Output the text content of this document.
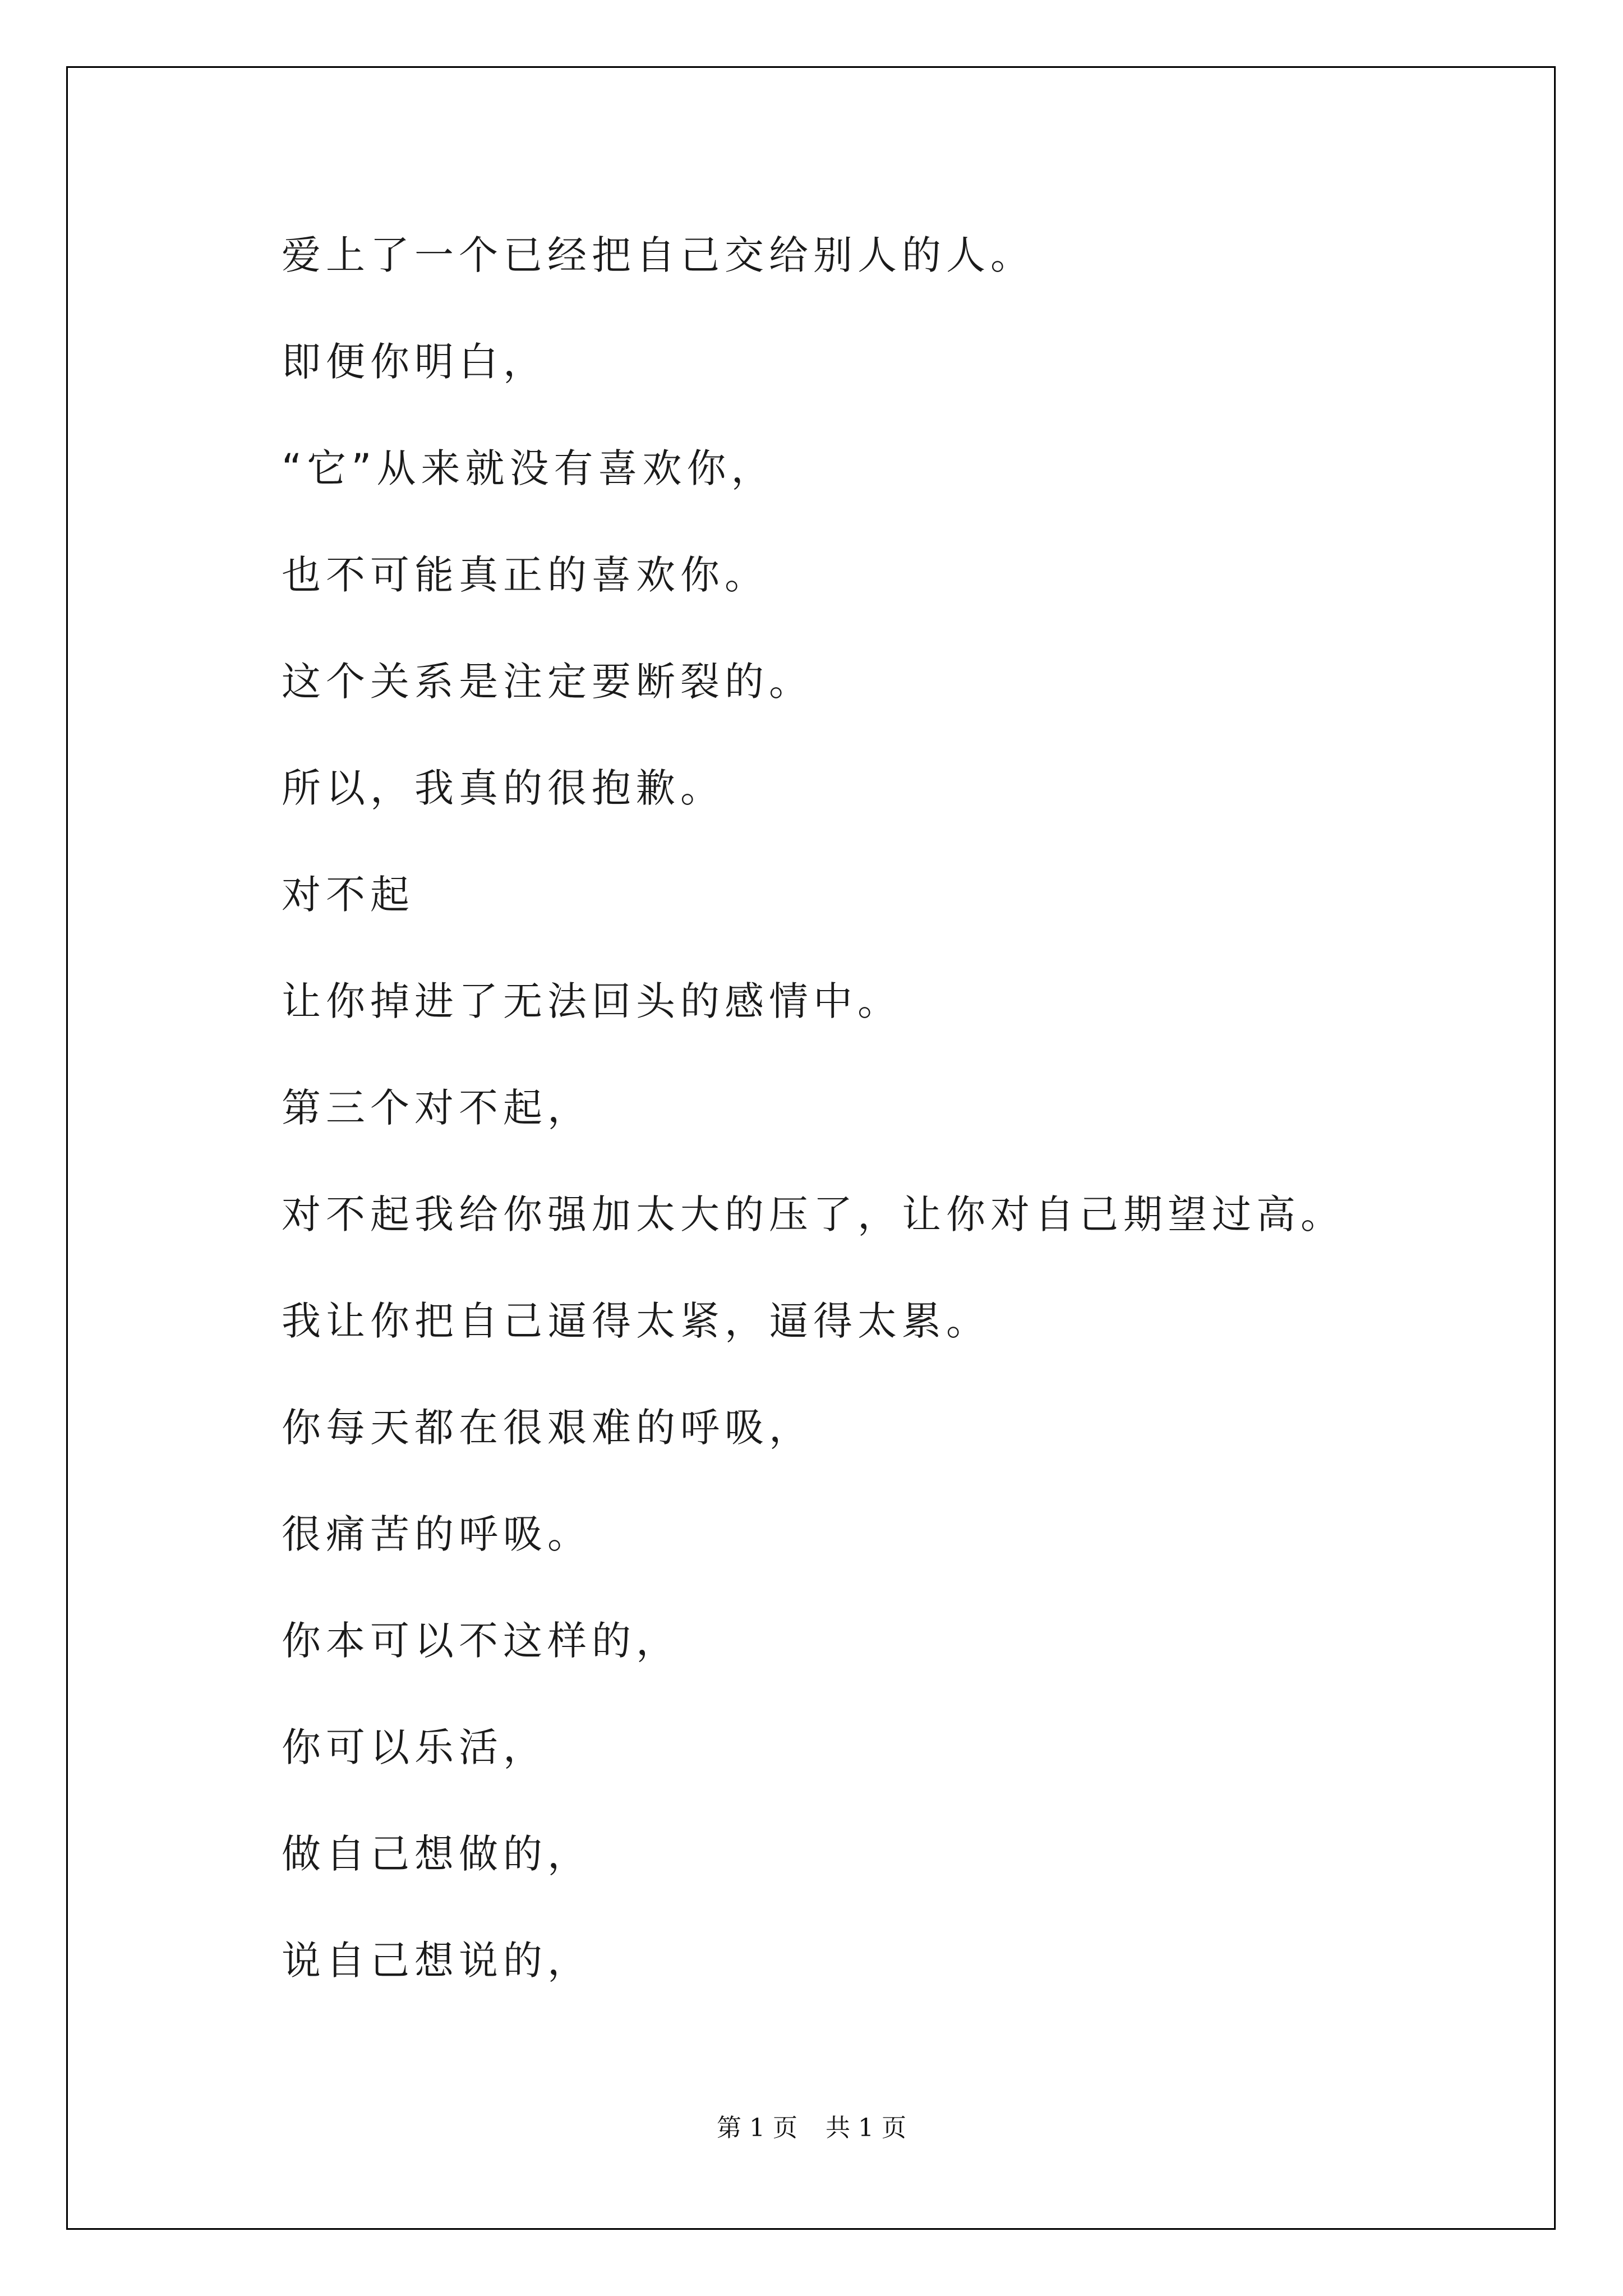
爱上了一个已经把自己交给别人的人。
即便你明白，
“它”从来就没有喜欢你，
也不可能真正的喜欢你。
这个关系是注定要断裂的。
所以，我真的很抱歉。
对不起
让你掉进了无法回头的感情中。
第三个对不起，
对不起我给你强加太大的压了，让你对自己期望过高。
我让你把自己逼得太紧，逼得太累。
你每天都在很艰难的呼吸，
很痛苦的呼吸。
你本可以不这样的，
你可以乐活，
做自己想做的，
说自己想说的，
第 1 页 共 1 页
